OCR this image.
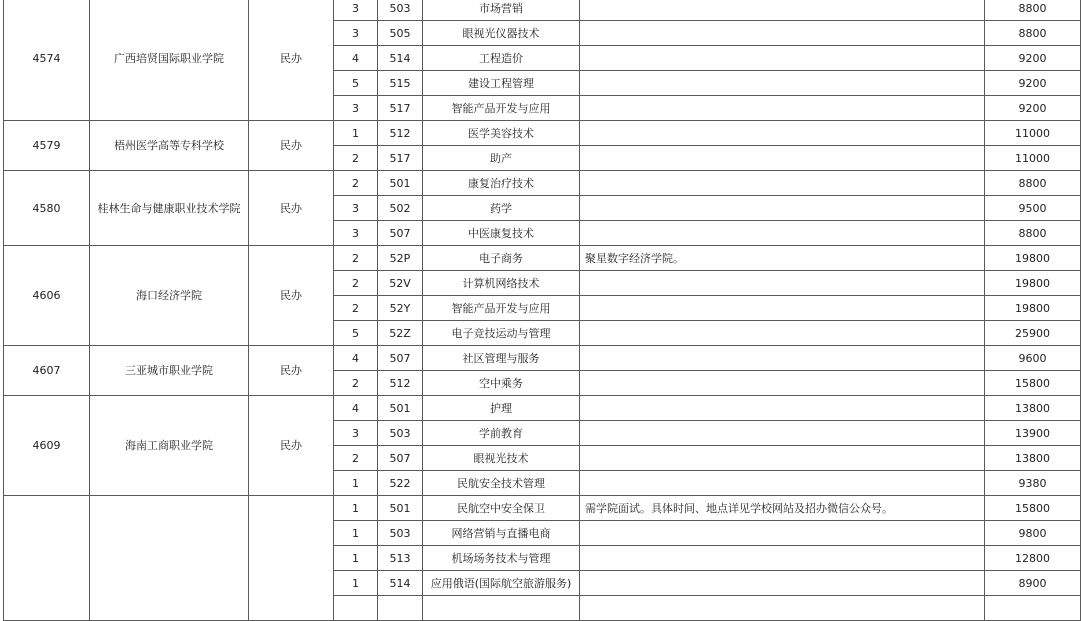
4574	广西培贤国际职业学院	民办	3	503	市场营销		8800
			3	505	眼视光仪器技术		8800
			4	514	工程造价		9200
			5	515	建设工程管理		9200
			3	517	智能产品开发与应用		9200
4579	梧州医学高等专科学校	民办	1	512	医学美容技术		11000
			2	517	助产		11000
4580	桂林生命与健康职业技术学院	民办	2	501	康复治疗技术		8800
			3	502	药学		9500
			3	507	中医康复技术		8800
4606	海口经济学院	民办	2	52P	电子商务	聚星数字经济学院。	19800
			2	52V	计算机网络技术		19800
			2	52Y	智能产品开发与应用		19800
			5	52Z	电子竞技运动与管理		25900
4607	三亚城市职业学院	民办	4	507	社区管理与服务		9600
			2	512	空中乘务		15800
4609	海南工商职业学院	民办	4	501	护理		13800
			3	503	学前教育		13900
			2	507	眼视光技术		13800
			1	522	民航安全技术管理		9380
			1	501	民航空中安全保卫	需学院面试。具体时间、地点详见学校网站及招办微信公众号。	15800
			1	503	网络营销与直播电商		9800
			1	513	机场场务技术与管理		12800
			1	514	应用俄语(国际航空旅游服务)		8900
